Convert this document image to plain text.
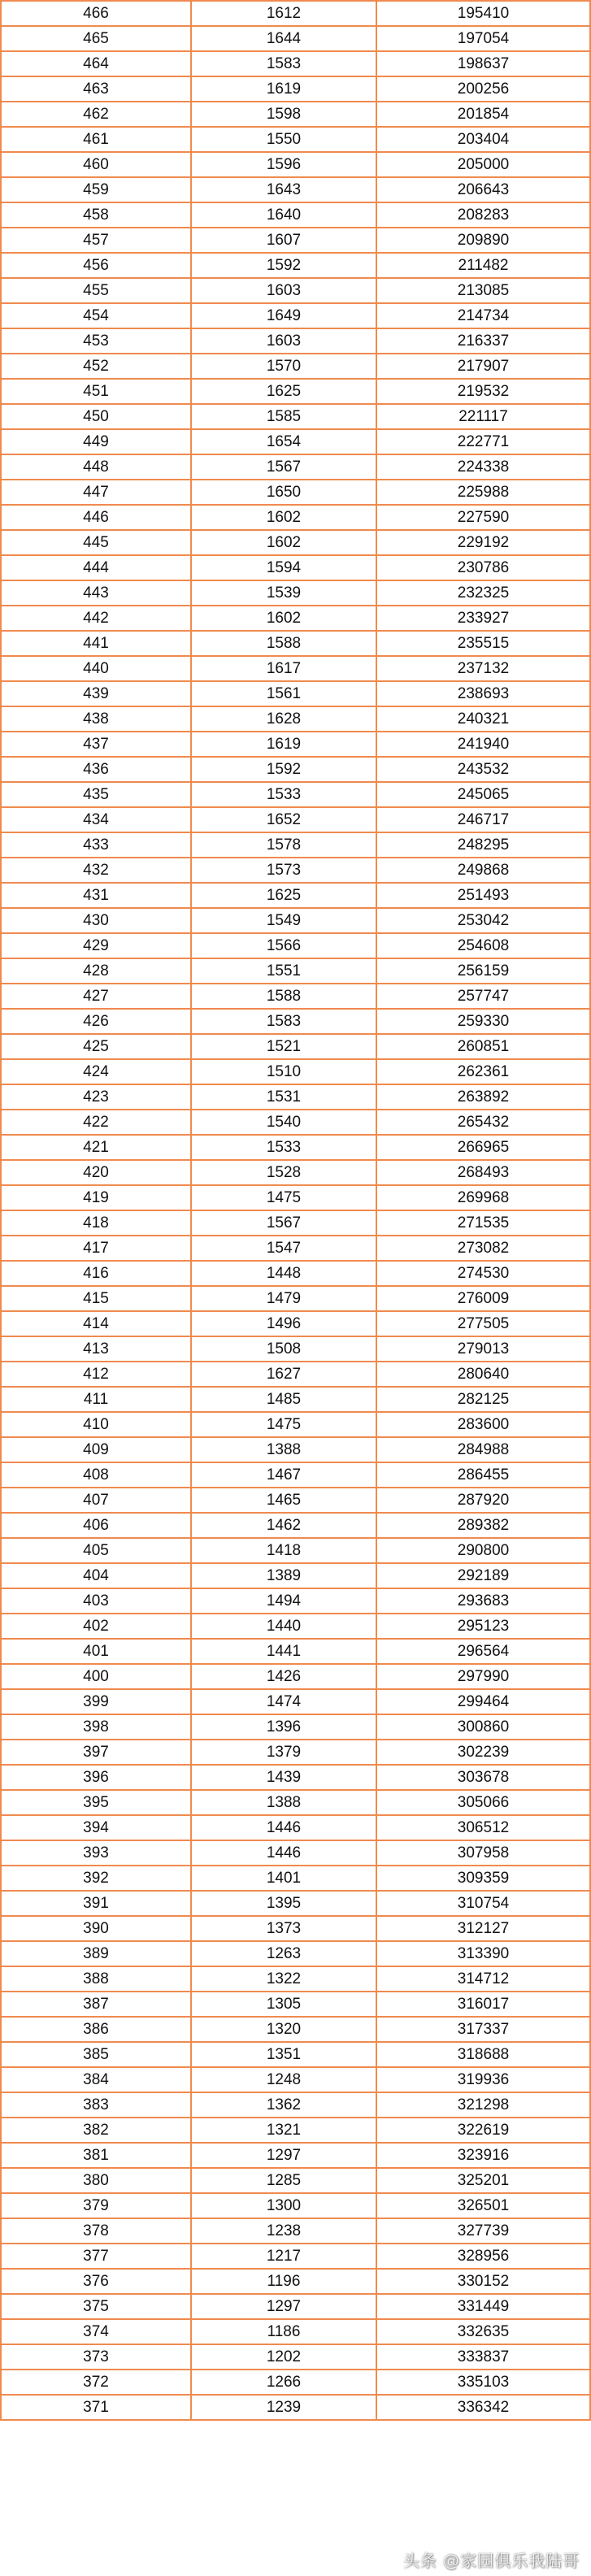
466	1612	195410
465	1644	197054
464	1583	198637
463	1619	200256
462	1598	201854
461	1550	203404
460	1596	205000
459	1643	206643
458	1640	208283
457	1607	209890
456	1592	211482
455	1603	213085
454	1649	214734
453	1603	216337
452	1570	217907
451	1625	219532
450	1585	221117
449	1654	222771
448	1567	224338
447	1650	225988
446	1602	227590
445	1602	229192
444	1594	230786
443	1539	232325
442	1602	233927
441	1588	235515
440	1617	237132
439	1561	238693
438	1628	240321
437	1619	241940
436	1592	243532
435	1533	245065
434	1652	246717
433	1578	248295
432	1573	249868
431	1625	251493
430	1549	253042
429	1566	254608
428	1551	256159
427	1588	257747
426	1583	259330
425	1521	260851
424	1510	262361
423	1531	263892
422	1540	265432
421	1533	266965
420	1528	268493
419	1475	269968
418	1567	271535
417	1547	273082
416	1448	274530
415	1479	276009
414	1496	277505
413	1508	279013
412	1627	280640
411	1485	282125
410	1475	283600
409	1388	284988
408	1467	286455
407	1465	287920
406	1462	289382
405	1418	290800
404	1389	292189
403	1494	293683
402	1440	295123
401	1441	296564
400	1426	297990
399	1474	299464
398	1396	300860
397	1379	302239
396	1439	303678
395	1388	305066
394	1446	306512
393	1446	307958
392	1401	309359
391	1395	310754
390	1373	312127
389	1263	313390
388	1322	314712
387	1305	316017
386	1320	317337
385	1351	318688
384	1248	319936
383	1362	321298
382	1321	322619
381	1297	323916
380	1285	325201
379	1300	326501
378	1238	327739
377	1217	328956
376	1196	330152
375	1297	331449
374	1186	332635
373	1202	333837
372	1266	335103
371	1239	336342
头条 @家园俱乐我陆哥
